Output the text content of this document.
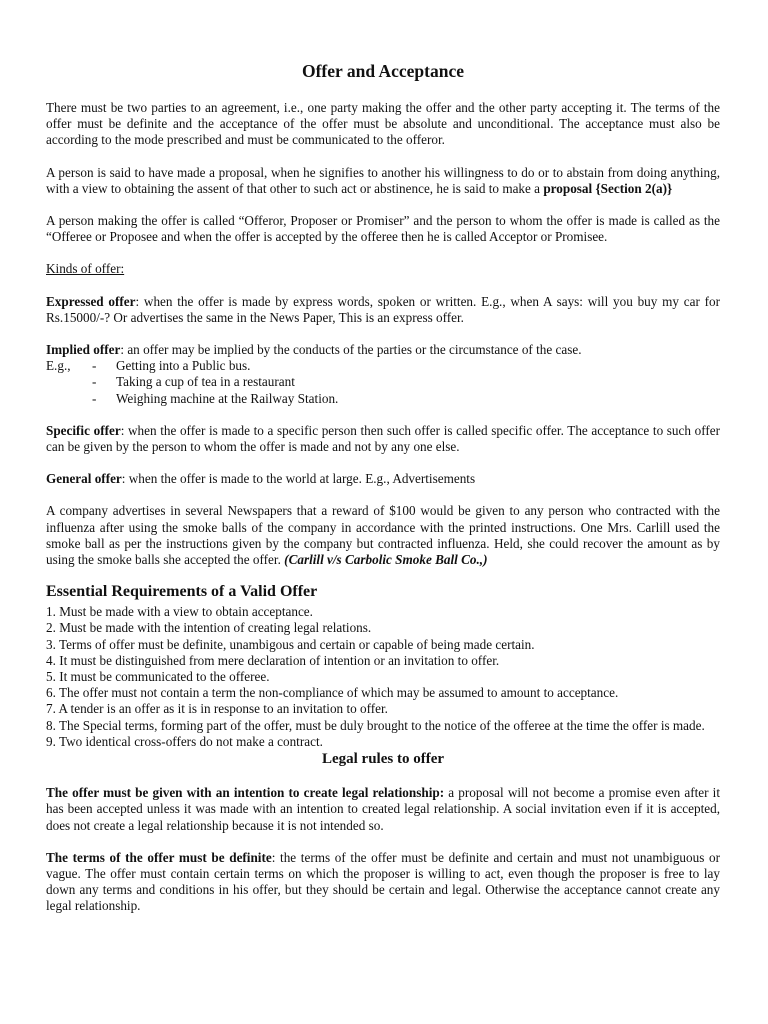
Offer and Acceptance

There must be two parties to an agreement, i.e., one party making the offer and the other party accepting it. The terms of the offer must be definite and the acceptance of the offer must be absolute and unconditional. The acceptance must also be according to the mode prescribed and must be communicated to the offeror.

A person is said to have made a proposal, when he signifies to another his willingness to do or to abstain from doing anything, with a view to obtaining the assent of that other to such act or abstinence, he is said to make a proposal {Section 2(a)}

A person making the offer is called “Offeror, Proposer or Promiser” and the person to whom the offer is made is called as the “Offeree or Proposee and when the offer is accepted by the offeree then he is called Acceptor or Promisee.

Kinds of offer:

Expressed offer: when the offer is made by express words, spoken or written. E.g., when A says: will you buy my car for Rs.15000/-? Or advertises the same in the News Paper, This is an express offer.

Implied offer: an offer may be implied by the conducts of the parties or the circumstance of the case.
E.g.,	-	Getting into a Public bus.
-	Taking a cup of tea in a restaurant
-	Weighing machine at the Railway Station.

Specific offer: when the offer is made to a specific person then such offer is called specific offer. The acceptance to such offer can be given by the person to whom the offer is made and not by any one else.

General offer: when the offer is made to the world at large. E.g., Advertisements

A company advertises in several Newspapers that a reward of $100 would be given to any person who contracted with the influenza after using the smoke balls of the company in accordance with the printed instructions. One Mrs. Carlill used the smoke ball as per the instructions given by the company but contracted influenza. Held, she could recover the amount as by using the smoke balls she accepted the offer. (Carlill v/s Carbolic Smoke Ball Co.,)

Essential Requirements of a Valid Offer
1. Must be made with a view to obtain acceptance.
2. Must be made with the intention of creating legal relations.
3. Terms of offer must be definite, unambigous and certain or capable of being made certain.
4. It must be distinguished from mere declaration of intention or an invitation to offer.
5. It must be communicated to the offeree.
6. The offer must not contain a term the non-compliance of which may be assumed to amount to acceptance.
7. A tender is an offer as it is in response to an invitation to offer.
8. The Special terms, forming part of the offer, must be duly brought to the notice of the offeree at the time the offer is made.
9. Two identical cross-offers do not make a contract.
Legal rules to offer

The offer must be given with an intention to create legal relationship: a proposal will not become a promise even after it has been accepted unless it was made with an intention to created legal relationship. A social invitation even if it is accepted, does not create a legal relationship because it is not intended so.

The terms of the offer must be definite: the terms of the offer must be definite and certain and must not unambiguous or vague. The offer must contain certain terms on which the proposer is willing to act, even though the proposer is free to lay down any terms and conditions in his offer, but they should be certain and legal. Otherwise the acceptance cannot create any legal relationship.
